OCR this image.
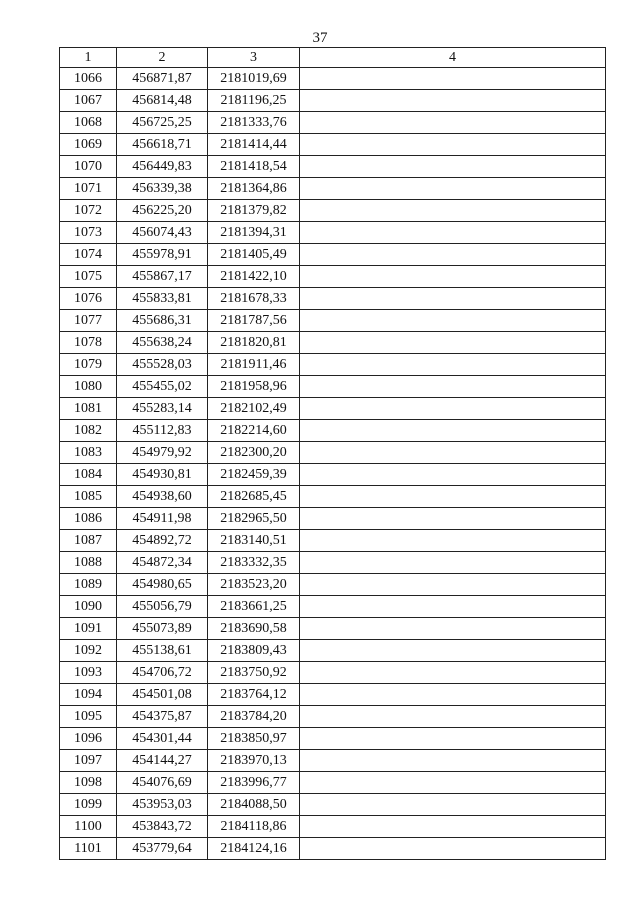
37
1	2	3	4
1066	456871,87	2181019,69	
1067	456814,48	2181196,25	
1068	456725,25	2181333,76	
1069	456618,71	2181414,44	
1070	456449,83	2181418,54	
1071	456339,38	2181364,86	
1072	456225,20	2181379,82	
1073	456074,43	2181394,31	
1074	455978,91	2181405,49	
1075	455867,17	2181422,10	
1076	455833,81	2181678,33	
1077	455686,31	2181787,56	
1078	455638,24	2181820,81	
1079	455528,03	2181911,46	
1080	455455,02	2181958,96	
1081	455283,14	2182102,49	
1082	455112,83	2182214,60	
1083	454979,92	2182300,20	
1084	454930,81	2182459,39	
1085	454938,60	2182685,45	
1086	454911,98	2182965,50	
1087	454892,72	2183140,51	
1088	454872,34	2183332,35	
1089	454980,65	2183523,20	
1090	455056,79	2183661,25	
1091	455073,89	2183690,58	
1092	455138,61	2183809,43	
1093	454706,72	2183750,92	
1094	454501,08	2183764,12	
1095	454375,87	2183784,20	
1096	454301,44	2183850,97	
1097	454144,27	2183970,13	
1098	454076,69	2183996,77	
1099	453953,03	2184088,50	
1100	453843,72	2184118,86	
1101	453779,64	2184124,16	
